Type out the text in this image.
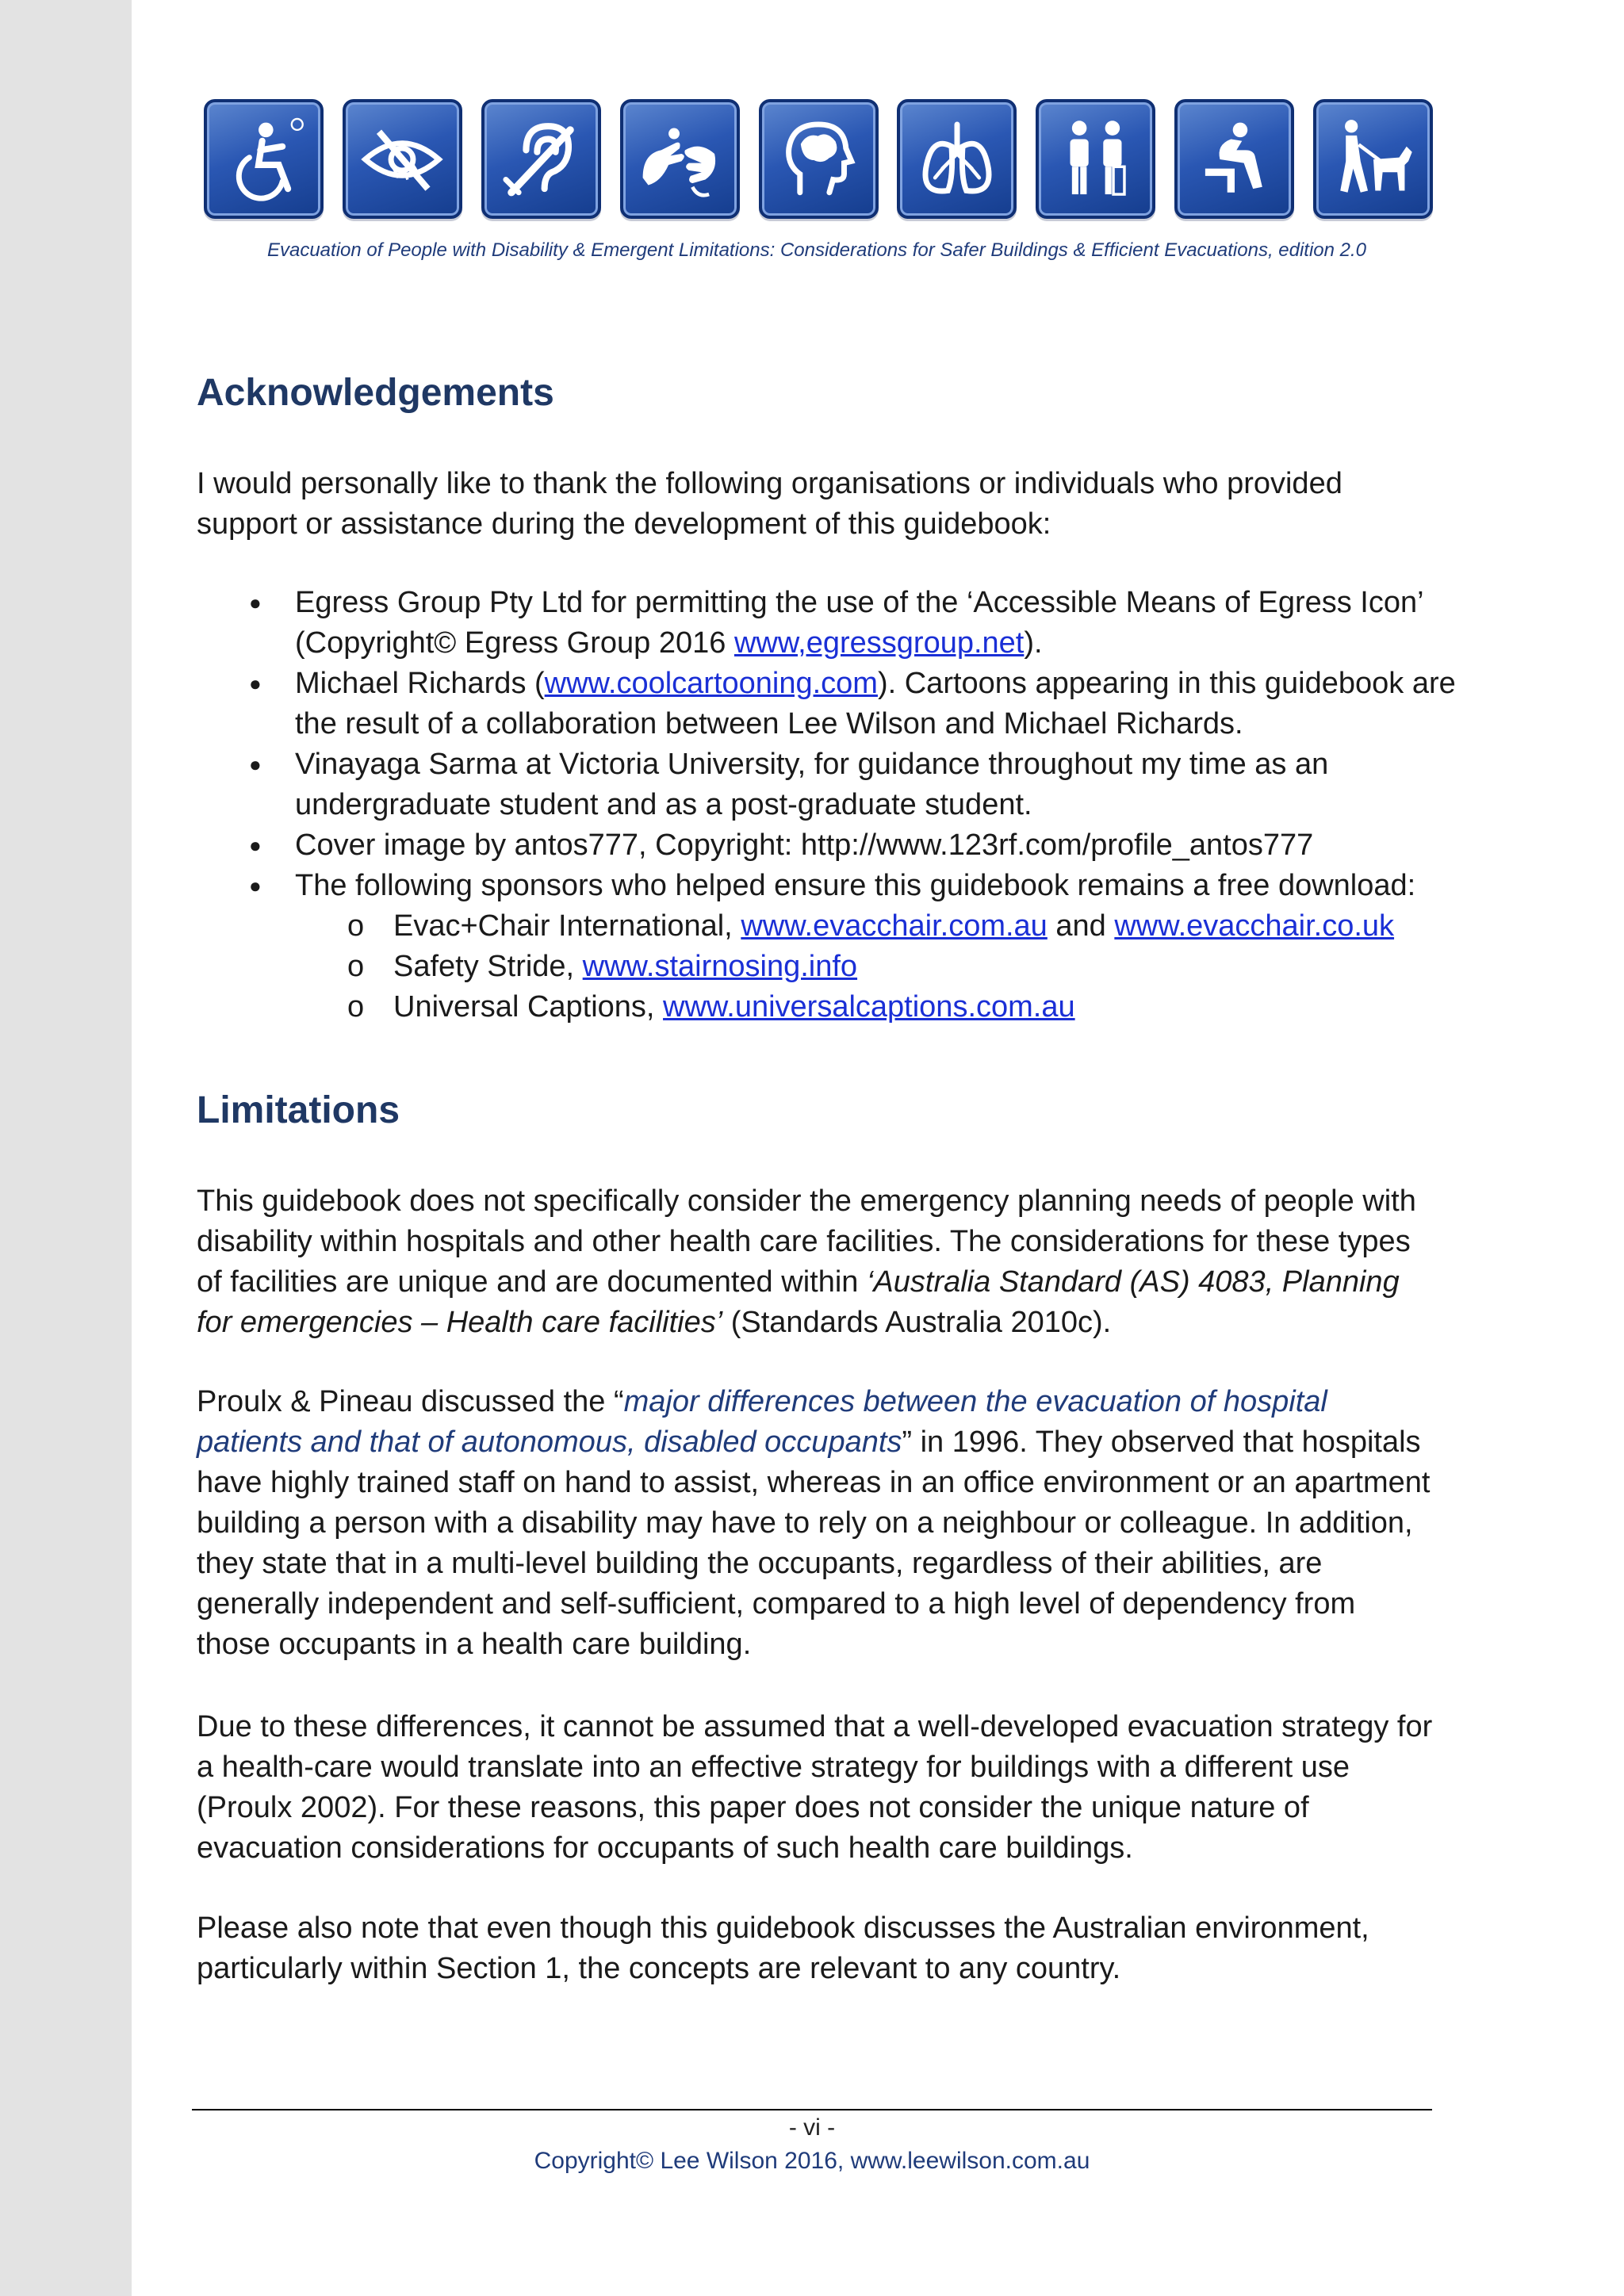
Evacuation of People with Disability & Emergent Limitations: Considerations for Safer Buildings & Efficient Evacuations, edition 2.0
Acknowledgements

I would personally like to thank the following organisations or individuals who provided support or assistance during the development of this guidebook:

● Egress Group Pty Ltd for permitting the use of the ‘Accessible Means of Egress Icon’ (Copyright© Egress Group 2016 www,egressgroup.net).
● Michael Richards (www.coolcartooning.com). Cartoons appearing in this guidebook are the result of a collaboration between Lee Wilson and Michael Richards.
● Vinayaga Sarma at Victoria University, for guidance throughout my time as an undergraduate student and as a post-graduate student.
● Cover image by antos777, Copyright: http://www.123rf.com/profile_antos777
● The following sponsors who helped ensure this guidebook remains a free download:
o Evac+Chair International, www.evacchair.com.au and www.evacchair.co.uk
o Safety Stride, www.stairnosing.info
o Universal Captions, www.universalcaptions.com.au
Limitations

This guidebook does not specifically consider the emergency planning needs of people with disability within hospitals and other health care facilities. The considerations for these types of facilities are unique and are documented within ‘Australia Standard (AS) 4083, Planning for emergencies – Health care facilities’ (Standards Australia 2010c).

Proulx & Pineau discussed the “major differences between the evacuation of hospital patients and that of autonomous, disabled occupants” in 1996. They observed that hospitals have highly trained staff on hand to assist, whereas in an office environment or an apartment building a person with a disability may have to rely on a neighbour or colleague. In addition, they state that in a multi-level building the occupants, regardless of their abilities, are generally independent and self-sufficient, compared to a high level of dependency from those occupants in a health care building.

Due to these differences, it cannot be assumed that a well-developed evacuation strategy for a health-care would translate into an effective strategy for buildings with a different use (Proulx 2002). For these reasons, this paper does not consider the unique nature of evacuation considerations for occupants of such health care buildings.

Please also note that even though this guidebook discusses the Australian environment, particularly within Section 1, the concepts are relevant to any country.

- vi -
Copyright© Lee Wilson 2016, www.leewilson.com.au
